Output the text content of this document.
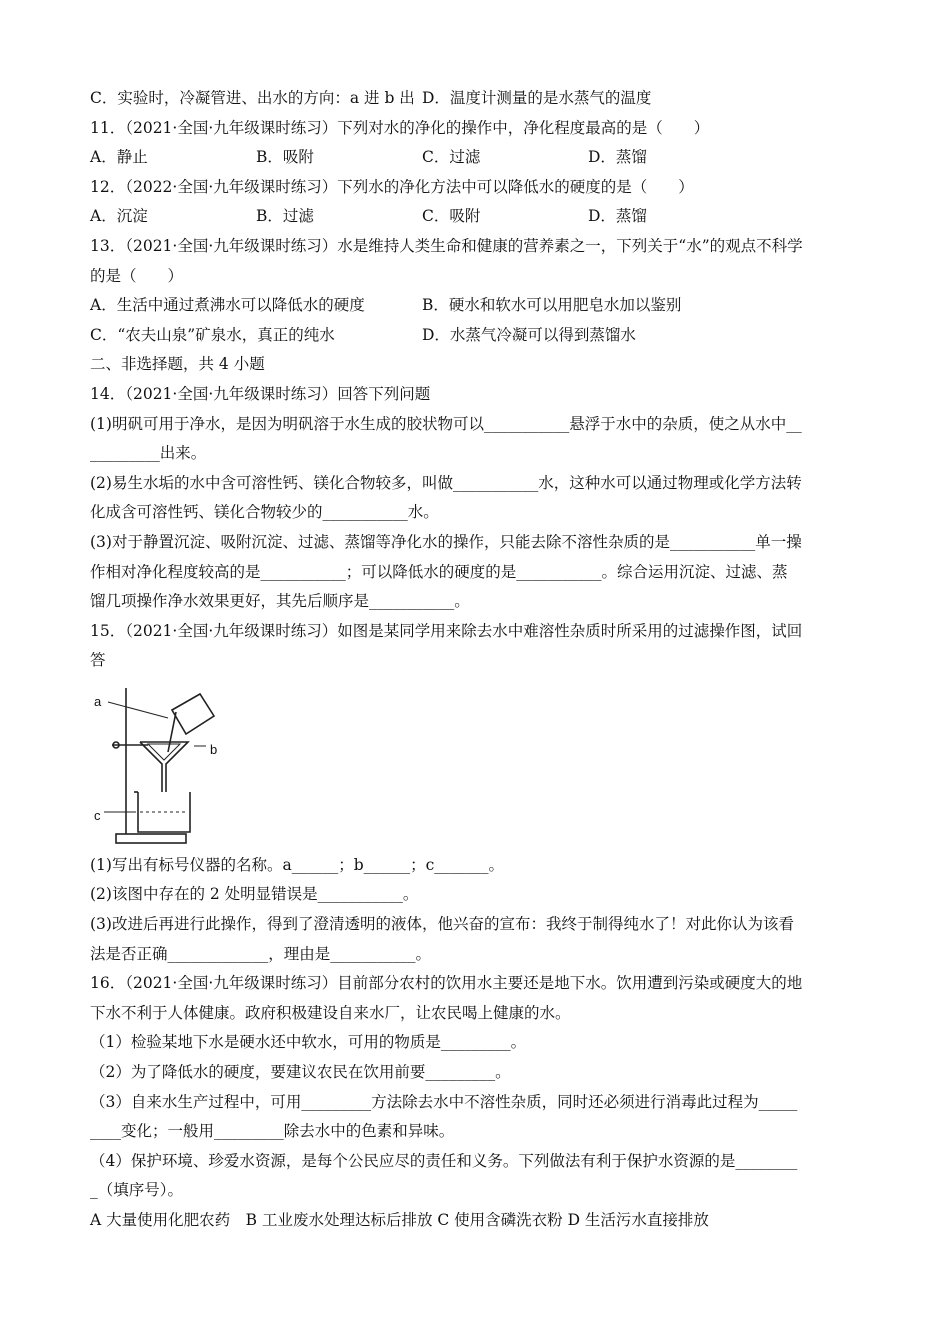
C．实验时，冷凝管进、出水的方向：a 进 b 出 D．温度计测量的是水蒸气的温度
11．（2021·全国·九年级课时练习）下列对水的净化的操作中，净化程度最高的是（　　）
A．静止	B．吸附	C．过滤	D．蒸馏
12．（2022·全国·九年级课时练习）下列水的净化方法中可以降低水的硬度的是（　　）
A．沉淀	B．过滤	C．吸附	D．蒸馏
13．（2021·全国·九年级课时练习）水是维持人类生命和健康的营养素之一，下列关于“水”的观点不科学
的是（　　）
A．生活中通过煮沸水可以降低水的硬度	B．硬水和软水可以用肥皂水加以鉴别
C．“农夫山泉”矿泉水，真正的纯水	D．水蒸气冷凝可以得到蒸馏水
二、非选择题，共 4 小题
14．（2021·全国·九年级课时练习）回答下列问题
(1)明矾可用于净水，是因为明矾溶于水生成的胶状物可以___________悬浮于水中的杂质，使之从水中__
_________出来。
(2)易生水垢的水中含可溶性钙、镁化合物较多，叫做___________水，这种水可以通过物理或化学方法转
化成含可溶性钙、镁化合物较少的___________水。
(3)对于静置沉淀、吸附沉淀、过滤、蒸馏等净化水的操作，只能去除不溶性杂质的是___________单一操
作相对净化程度较高的是___________；可以降低水的硬度的是___________。综合运用沉淀、过滤、蒸
馏几项操作净水效果更好，其先后顺序是___________。
15．（2021·全国·九年级课时练习）如图是某同学用来除去水中难溶性杂质时所采用的过滤操作图，试回
答
a
b
c
(1)写出有标号仪器的名称。a______；b______；c_______。
(2)该图中存在的 2 处明显错误是___________。
(3)改进后再进行此操作，得到了澄清透明的液体，他兴奋的宣布：我终于制得纯水了！对此你认为该看
法是否正确_____________，理由是___________。
16．（2021·全国·九年级课时练习）目前部分农村的饮用水主要还是地下水。饮用遭到污染或硬度大的地
下水不利于人体健康。政府积极建设自来水厂，让农民喝上健康的水。
（1）检验某地下水是硬水还中软水，可用的物质是_________。
（2）为了降低水的硬度，要建议农民在饮用前要_________。
（3）自来水生产过程中，可用_________方法除去水中不溶性杂质，同时还必须进行消毒此过程为_____
____变化；一般用_________除去水中的色素和异味。
（4）保护环境、珍爱水资源，是每个公民应尽的责任和义务。下列做法有利于保护水资源的是________
_（填序号）。
A 大量使用化肥农药　B 工业废水处理达标后排放 C 使用含磷洗衣粉 D 生活污水直接排放
